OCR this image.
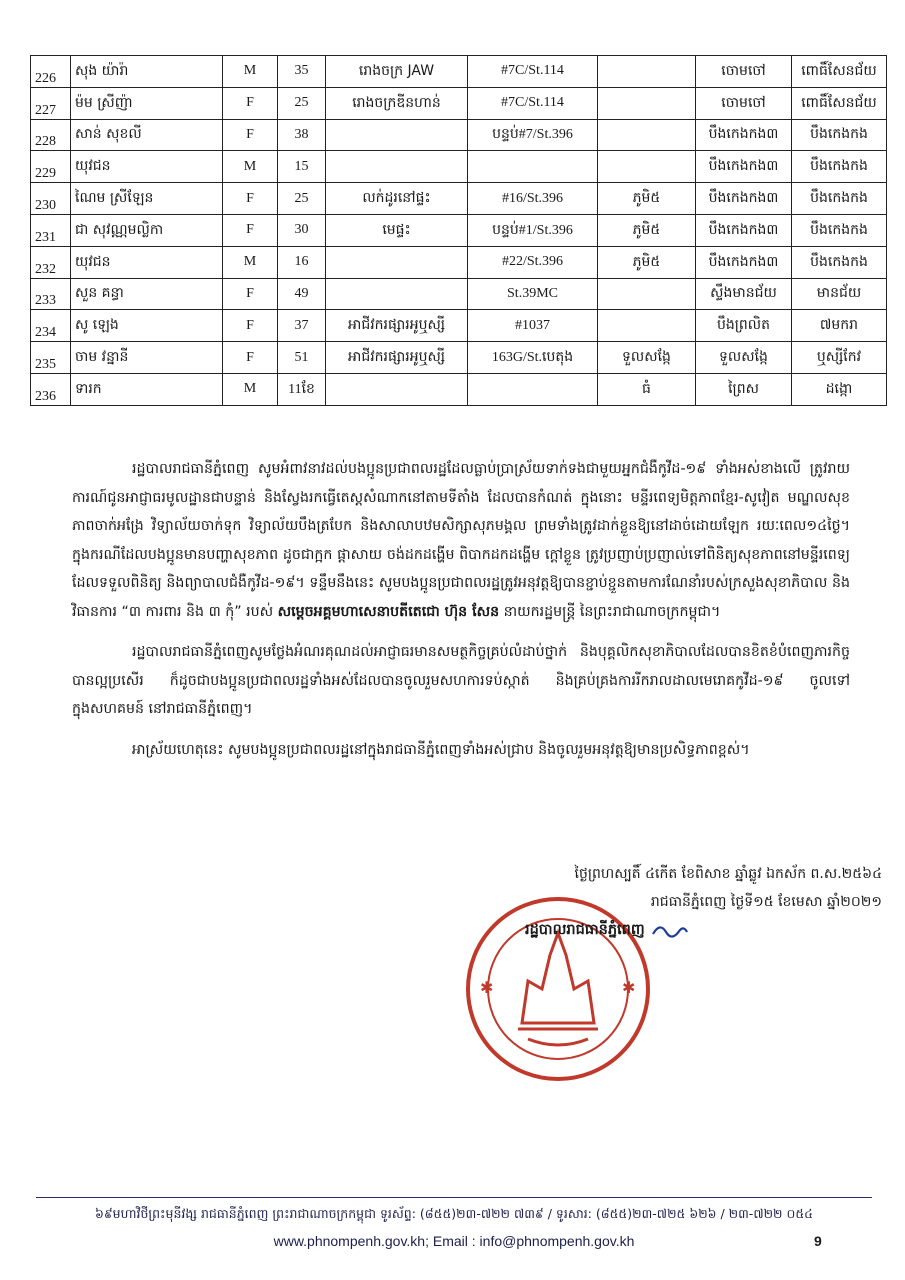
226	សុង យ៉ារ៉ា	M	35	រោងចក្រ JAW	#7C/St.114		ចោមចៅ	ពោធិ៍សែនជ័យ
227	ម៉ម ស្រីញ៉ា	F	25	រោងចក្រឌីនហាន់	#7C/St.114		ចោមចៅ	ពោធិ៍សែនជ័យ
228	សាន់ សុខលី	F	38		បន្ទប់#7/St.396		បឹងកេងកង៣	បឹងកេងកង
229	យុវជន	M	15				បឹងកេងកង៣	បឹងកេងកង
230	ណៃម ស្រីឡែន	F	25	លក់ដូរនៅផ្ទះ	#16/St.396	ភូមិ៥	បឹងកេងកង៣	បឹងកេងកង
231	ជា សុវណ្ណមល្លិកា	F	30	មេផ្ទះ	បន្ទប់#1/St.396	ភូមិ៥	បឹងកេងកង៣	បឹងកេងកង
232	យុវជន	M	16		#22/St.396	ភូមិ៥	បឹងកេងកង៣	បឹងកេងកង
233	សួន គន្ធា	F	49		St.39MC		ស្ទឹងមានជ័យ	មានជ័យ
234	សូ ឡេង	F	37	អាជីវករផ្សារអូឬស្សី	#1037		បឹងព្រលិត	៧មករា
235	ចាម វន្នានី	F	51	អាជីវករផ្សារអូឬស្សី	163G/St.បេតុង	ទួលសង្កែ	ទួលសង្កែ	ឬស្សីកែវ
236	ទារក	M	11ខែ			ធំ	ព្រៃស	ដង្កោ

រដ្ឋបាលរាជធានីភ្នំពេញ សូមអំពាវនាវដល់បងប្អូនប្រជាពលរដ្ឋដែលធ្លាប់ប្រាស្រ័យទាក់ទងជាមួយអ្នកជំងឺកូវីដ-១៩ ទាំងអស់ខាងលើ ត្រូវរាយការណ៍ជូនអាជ្ញាធរមូលដ្ឋានជាបន្ទាន់ និងស្វែងរកធ្វើតេស្តសំណាកនៅតាមទីតាំង ដែលបានកំណត់ ក្នុងនោះ មន្ទីរពេទ្យមិត្តភាពខ្មែរ-សូវៀត មណ្ឌលសុខភាពចាក់អង្រែ វិទ្យាល័យចាក់ទុក វិទ្យាល័យបឹងត្របែក និងសាលាបឋមសិក្សាសុភមង្គល ព្រមទាំងត្រូវដាក់ខ្លួនឱ្យនៅដាច់ដោយឡែក រយៈពេល១៤ថ្ងៃ។ ក្នុងករណីដែលបងប្អូនមានបញ្ហាសុខភាព ដូចជាក្អក ផ្តាសាយ ចង់ដកដង្ហើម ពិបាកដកដង្ហើម ក្តៅខ្លួន ត្រូវប្រញាប់ប្រញាល់ទៅពិនិត្យសុខភាពនៅមន្ទីរពេទ្យ ដែលទទួលពិនិត្យ និងព្យាបាលជំងឺកូវីដ-១៩។ ទន្ទឹមនឹងនេះ សូមបងប្អូនប្រជាពលរដ្ឋត្រូវអនុវត្តឱ្យបានខ្ជាប់ខ្ជួនតាមការណែនាំរបស់ក្រសួងសុខាភិបាល និងវិធានការ “៣ ការពារ និង ៣ កុំ” របស់ សម្តេចអគ្គមហាសេនាបតីតេជោ ហ៊ុន សែន នាយករដ្ឋមន្ត្រី នៃព្រះរាជាណាចក្រកម្ពុជា។

រដ្ឋបាលរាជធានីភ្នំពេញសូមថ្លែងអំណរគុណដល់អាជ្ញាធរមានសមត្ថកិច្ចគ្រប់លំដាប់ថ្នាក់ និងបុគ្គលិកសុខាភិបាលដែលបានខិតខំបំពេញភារកិច្ចបានល្អប្រសើរ ក៏ដូចជាបងប្អូនប្រជាពលរដ្ឋទាំងអស់ដែលបានចូលរួមសហការទប់ស្កាត់ និងគ្រប់គ្រងការរីករាលដាលមេរោគកូវីដ-១៩ ចូលទៅក្នុងសហគមន៍ នៅរាជធានីភ្នំពេញ។

អាស្រ័យហេតុនេះ សូមបងប្អូនប្រជាពលរដ្ឋនៅក្នុងរាជធានីភ្នំពេញទាំងអស់ជ្រាប និងចូលរួមអនុវត្តឱ្យមានប្រសិទ្ធភាពខ្ពស់។

ថ្ងៃព្រហស្បតិ៍ ៤កើត ខែពិសាខ ឆ្នាំឆ្លូវ ឯកស័ក ព.ស.២៥៦៤
រាជធានីភ្នំពេញ ថ្ងៃទី១៥ ខែមេសា ឆ្នាំ២០២១
✱	✱
រដ្ឋបាលរាជធានីភ្នំពេញ
៦៩មហាវិថីព្រះមុនីវង្ស រាជធានីភ្នំពេញ ព្រះរាជាណាចក្រកម្ពុជា ទូរស័ព្ទ: (៨៥៥)២៣-៧២២ ៧៣៩ / ទូរសារ: (៨៥៥)២៣-៧២៥ ៦២៦ / ២៣-៧២២ ០៥៤
www.phnompenh.gov.kh; Email : info@phnompenh.gov.kh	9
